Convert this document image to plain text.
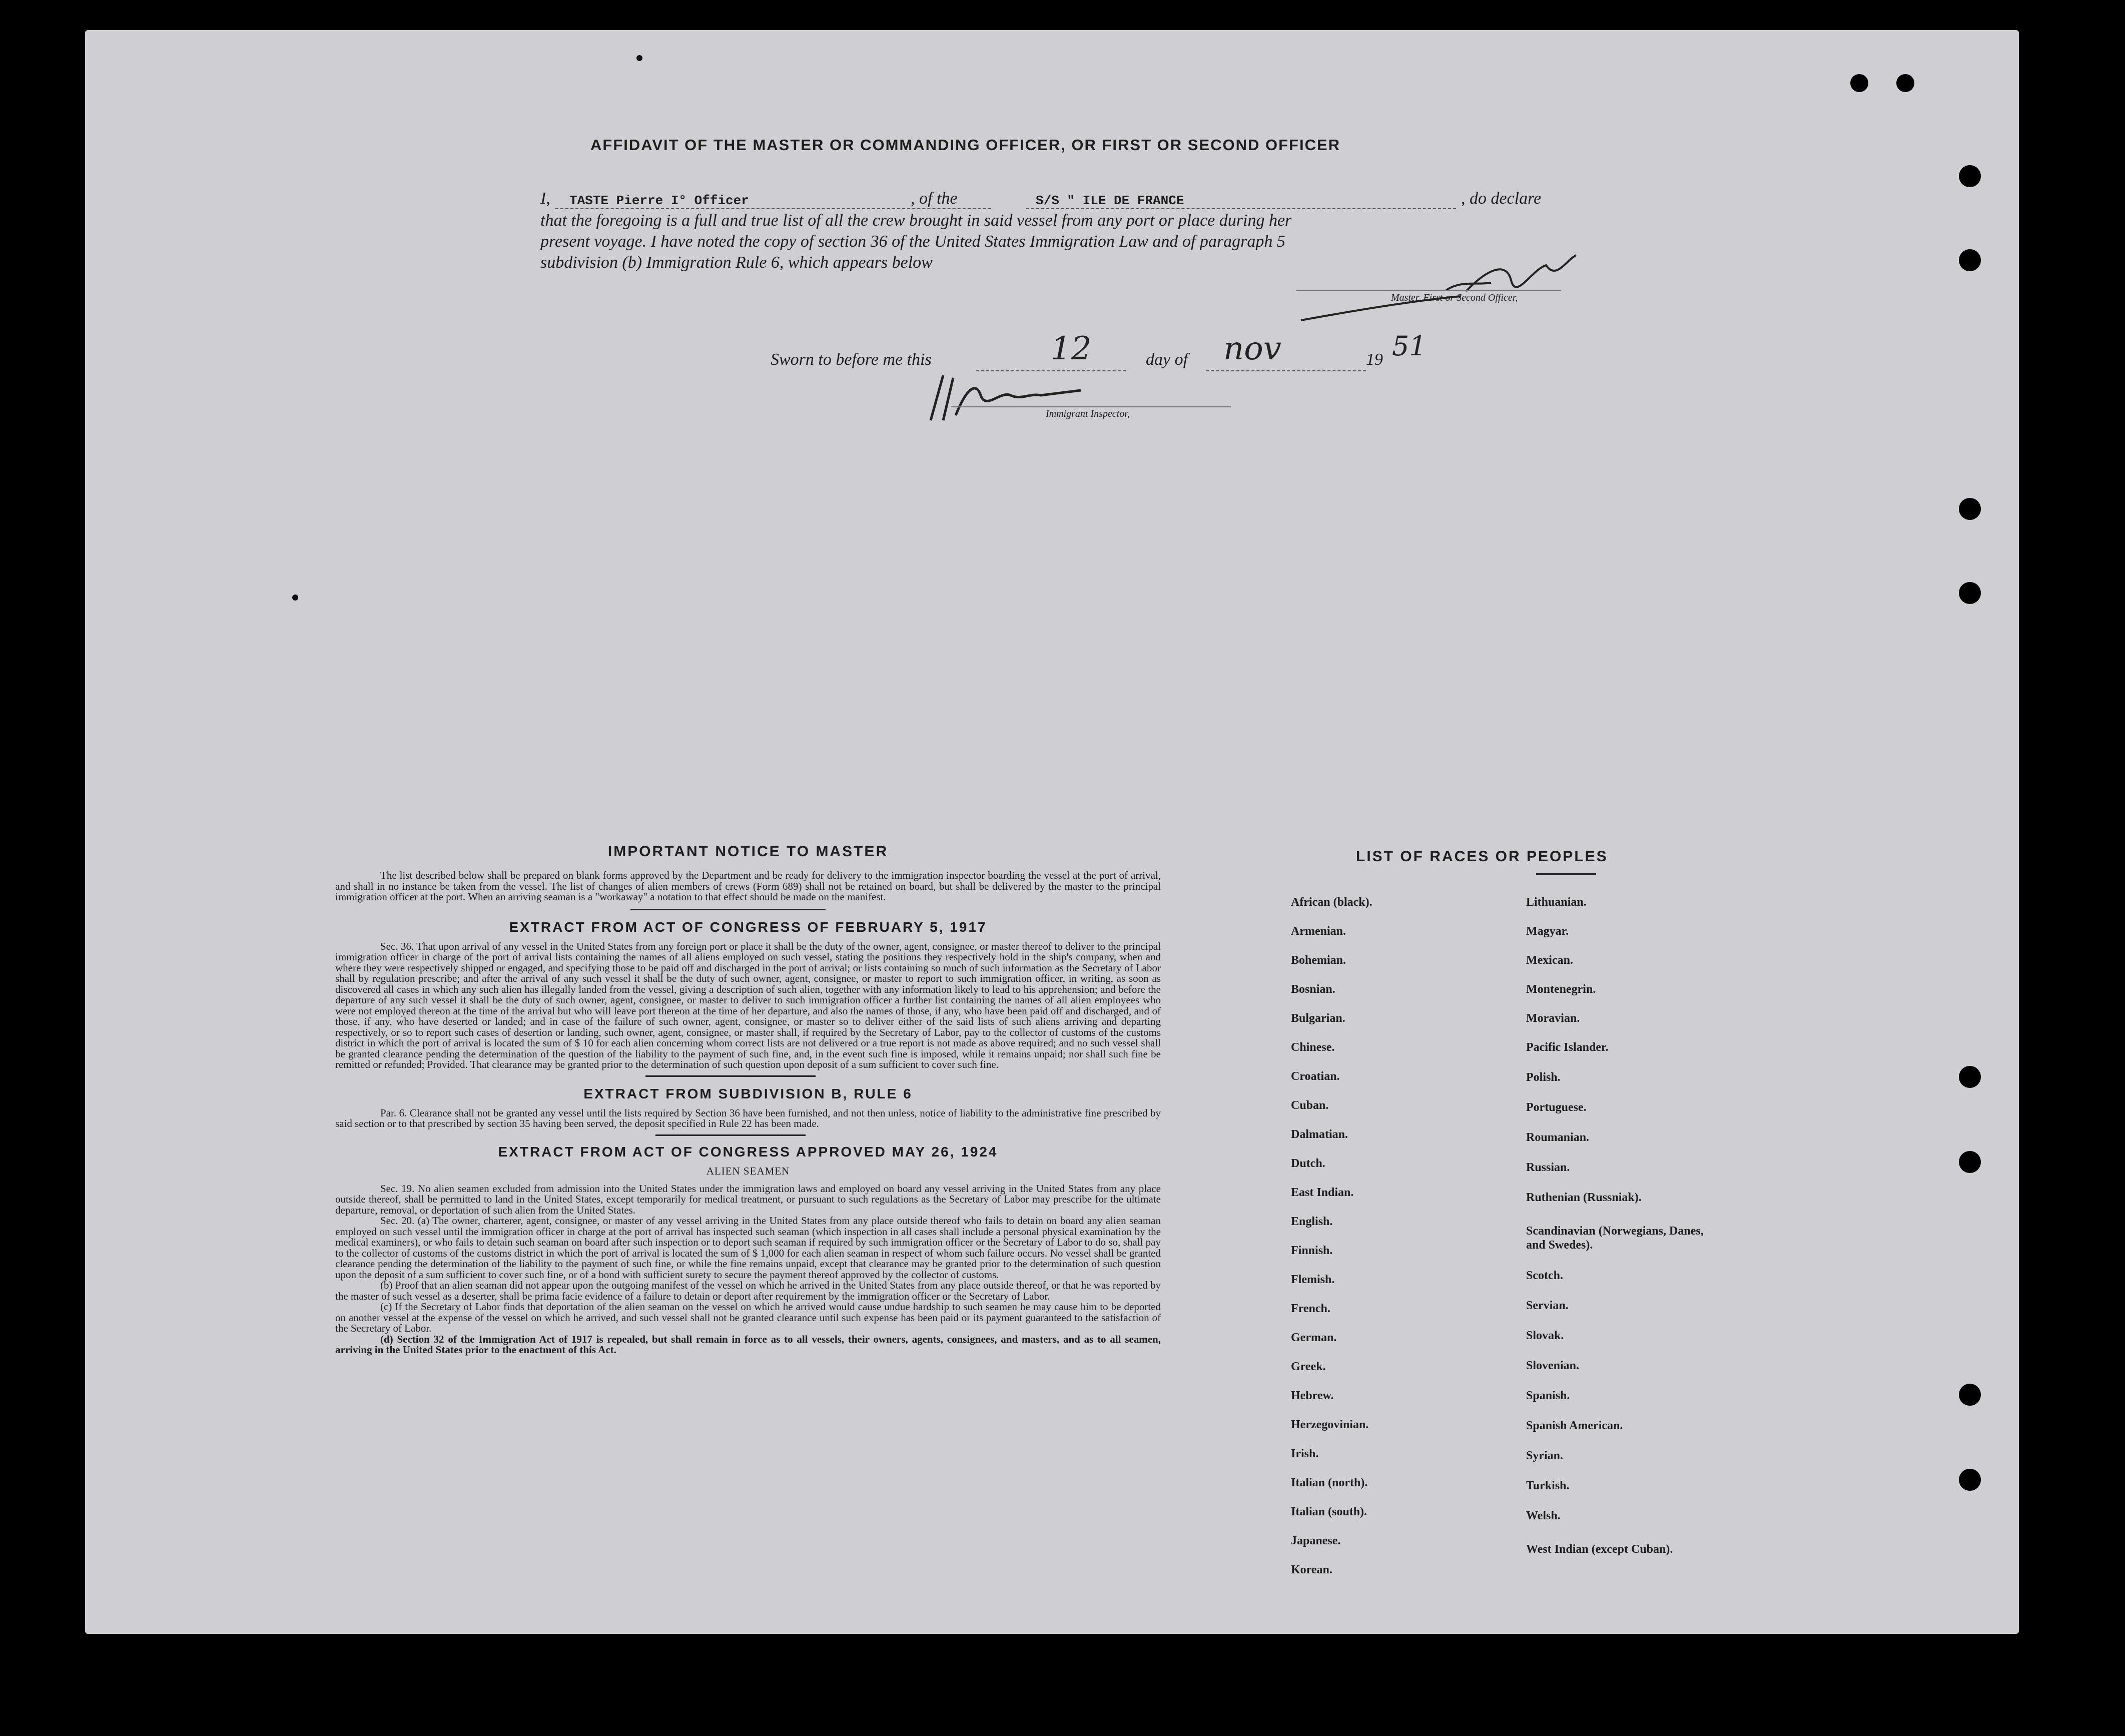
AFFIDAVIT OF THE MASTER OR COMMANDING OFFICER, OR FIRST OR SECOND OFFICER
I, TASTE Pierre I° Officer	, of the	S/S " ILE DE FRANCE	, do declare
that the foregoing is a full and true list of all the crew brought in said vessel from any port or place during her
present voyage. I have noted the copy of section 36 of the United States Immigration Law and of paragraph 5
subdivision (b) Immigration Rule 6, which appears below
Master, First or Second Officer,
Sworn to before me this	12	day of nov	19 51
Immigrant Inspector,
IMPORTANT NOTICE TO MASTER

The list described below shall be prepared on blank forms approved by the Department and be ready for delivery to the immigration inspector boarding the vessel at the port of arrival, and shall in no instance be taken from the vessel. The list of changes of alien members of crews (Form 689) shall not be retained on board, but shall be delivered by the master to the principal immigration officer at the port. When an arriving seaman is a "workaway" a notation to that effect should be made on the manifest.

EXTRACT FROM ACT OF CONGRESS OF FEBRUARY 5, 1917

Sec. 36. That upon arrival of any vessel in the United States from any foreign port or place it shall be the duty of the owner, agent, consignee, or master thereof to deliver to the principal immigration officer in charge of the port of arrival lists containing the names of all aliens employed on such vessel, stating the positions they respectively hold in the ship's company, when and where they were respectively shipped or engaged, and specifying those to be paid off and discharged in the port of arrival; or lists containing so much of such information as the Secretary of Labor shall by regulation prescribe; and after the arrival of any such vessel it shall be the duty of such owner, agent, consignee, or master to report to such immigration officer, in writing, as soon as discovered all cases in which any such alien has illegally landed from the vessel, giving a description of such alien, together with any information likely to lead to his apprehension; and before the departure of any such vessel it shall be the duty of such owner, agent, consignee, or master to deliver to such immigration officer a further list containing the names of all alien employees who were not employed thereon at the time of the arrival but who will leave port thereon at the time of her departure, and also the names of those, if any, who have been paid off and discharged, and of those, if any, who have deserted or landed; and in case of the failure of such owner, agent, consignee, or master so to deliver either of the said lists of such aliens arriving and departing respectively, or so to report such cases of desertion or landing, such owner, agent, consignee, or master shall, if required by the Secretary of Labor, pay to the collector of customs of the customs district in which the port of arrival is located the sum of $ 10 for each alien concerning whom correct lists are not delivered or a true report is not made as above required; and no such vessel shall be granted clearance pending the determination of the question of the liability to the payment of such fine, and, in the event such fine is imposed, while it remains unpaid; nor shall such fine be remitted or refunded; Provided. That clearance may be granted prior to the determination of such question upon deposit of a sum sufficient to cover such fine.

EXTRACT FROM SUBDIVISION B, RULE 6

Par. 6. Clearance shall not be granted any vessel until the lists required by Section 36 have been furnished, and not then unless, notice of liability to the administrative fine prescribed by said section or to that prescribed by section 35 having been served, the deposit specified in Rule 22 has been made.

EXTRACT FROM ACT OF CONGRESS APPROVED MAY 26, 1924
ALIEN SEAMEN

Sec. 19. No alien seamen excluded from admission into the United States under the immigration laws and employed on board any vessel arriving in the United States from any place outside thereof, shall be permitted to land in the United States, except temporarily for medical treatment, or pursuant to such regulations as the Secretary of Labor may prescribe for the ultimate departure, removal, or deportation of such alien from the United States.

Sec. 20. (a) The owner, charterer, agent, consignee, or master of any vessel arriving in the United States from any place outside thereof who fails to detain on board any alien seaman employed on such vessel until the immigration officer in charge at the port of arrival has inspected such seaman (which inspection in all cases shall include a personal physical examination by the medical examiners), or who fails to detain such seaman on board after such inspection or to deport such seaman if required by such immigration officer or the Secretary of Labor to do so, shall pay to the collector of customs of the customs district in which the port of arrival is located the sum of $ 1,000 for each alien seaman in respect of whom such failure occurs. No vessel shall be granted clearance pending the determination of the liability to the payment of such fine, or while the fine remains unpaid, except that clearance may be granted prior to the determination of such question upon the deposit of a sum sufficient to cover such fine, or of a bond with sufficient surety to secure the payment thereof approved by the collector of customs.

(b) Proof that an alien seaman did not appear upon the outgoing manifest of the vessel on which he arrived in the United States from any place outside thereof, or that he was reported by the master of such vessel as a deserter, shall be prima facie evidence of a failure to detain or deport after requirement by the immigration officer or the Secretary of Labor.

(c) If the Secretary of Labor finds that deportation of the alien seaman on the vessel on which he arrived would cause undue hardship to such seamen he may cause him to be deported on another vessel at the expense of the vessel on which he arrived, and such vessel shall not be granted clearance until such expense has been paid or its payment guaranteed to the satisfaction of the Secretary of Labor.

(d) Section 32 of the Immigration Act of 1917 is repealed, but shall remain in force as to all vessels, their owners, agents, consignees, and masters, and as to all seamen, arriving in the United States prior to the enactment of this Act.

LIST OF RACES OR PEOPLES
African (black).
Armenian.
Bohemian.
Bosnian.
Bulgarian.
Chinese.
Croatian.
Cuban.
Dalmatian.
Dutch.
East Indian.
English.
Finnish.
Flemish.
French.
German.
Greek.
Hebrew.
Herzegovinian.
Irish.
Italian (north).
Italian (south).
Japanese.
Korean.
Lithuanian.
Magyar.
Mexican.
Montenegrin.
Moravian.
Pacific Islander.
Polish.
Portuguese.
Roumanian.
Russian.
Ruthenian (Russniak).
Scandinavian (Norwegians, Danes, and Swedes).
Scotch.
Servian.
Slovak.
Slovenian.
Spanish.
Spanish American.
Syrian.
Turkish.
Welsh.
West Indian (except Cuban).
